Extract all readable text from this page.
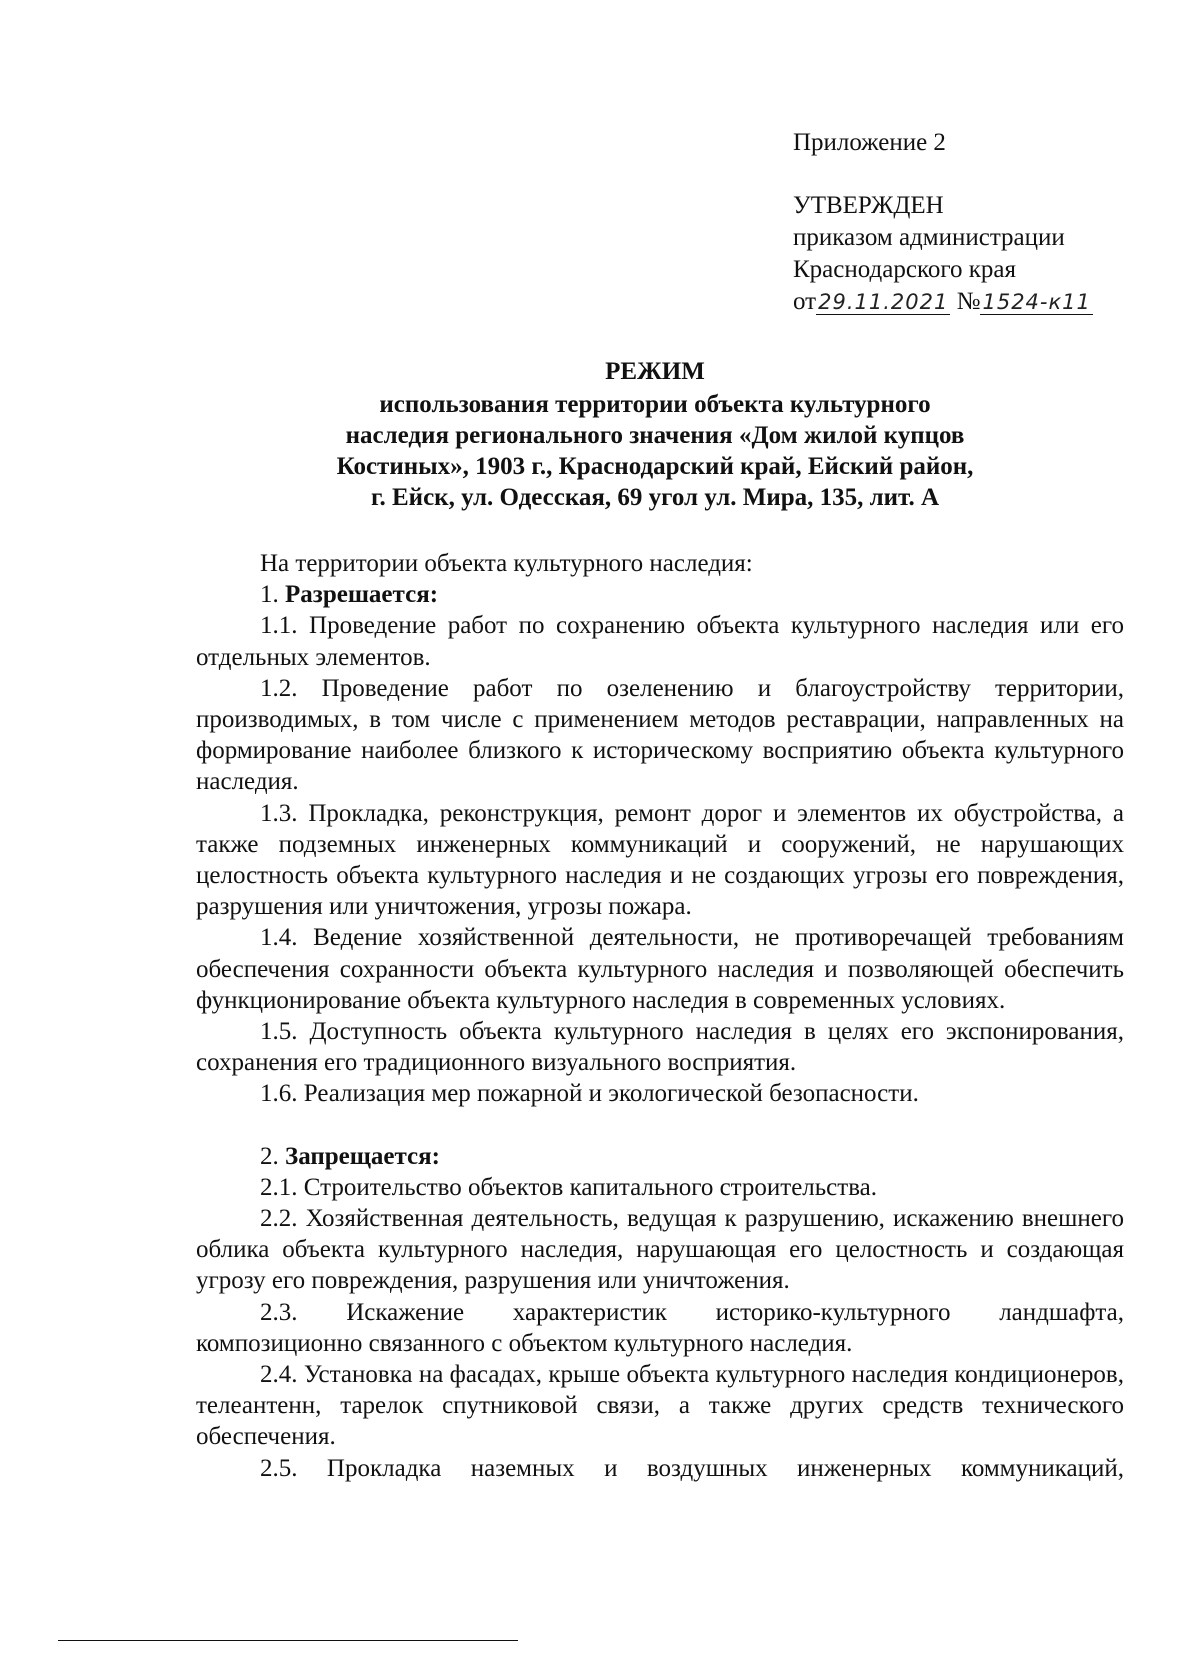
Приложение 2
УТВЕРЖДЕН
приказом администрации
Краснодарского края
от29.11.2021 №1524-к11
РЕЖИМ
использования территории объекта культурного
наследия регионального значения «Дом жилой купцов
Костиных», 1903 г., Краснодарский край, Ейский район,
г. Ейск, ул. Одесская, 69 угол ул. Мира, 135, лит. А

На территории объекта культурного наследия:

1. Разрешается:

1.1. Проведение работ по сохранению объекта культурного наследия или его отдельных элементов.

1.2. Проведение работ по озеленению и благоустройству территории, производимых, в том числе с применением методов реставрации, направленных на формирование наиболее близкого к историческому восприятию объекта культурного наследия.

1.3. Прокладка, реконструкция, ремонт дорог и элементов их обустройства, а также подземных инженерных коммуникаций и сооружений, не нарушающих целостность объекта культурного наследия и не создающих угрозы его повреждения, разрушения или уничтожения, угрозы пожара.

1.4. Ведение хозяйственной деятельности, не противоречащей требованиям обеспечения сохранности объекта культурного наследия и позволяющей обеспечить функционирование объекта культурного наследия в современных условиях.

1.5. Доступность объекта культурного наследия в целях его экспонирования, сохранения его традиционного визуального восприятия.

1.6. Реализация мер пожарной и экологической безопасности.

2. Запрещается:

2.1. Строительство объектов капитального строительства.

2.2. Хозяйственная деятельность, ведущая к разрушению, искажению внешнего облика объекта культурного наследия, нарушающая его целостность и создающая угрозу его повреждения, разрушения или уничтожения.

2.3. Искажение характеристик историко-культурного ландшафта, композиционно связанного с объектом культурного наследия.

2.4. Установка на фасадах, крыше объекта культурного наследия кондиционеров, телеантенн, тарелок спутниковой связи, а также других средств технического обеспечения.

2.5. Прокладка наземных и воздушных инженерных коммуникаций,
